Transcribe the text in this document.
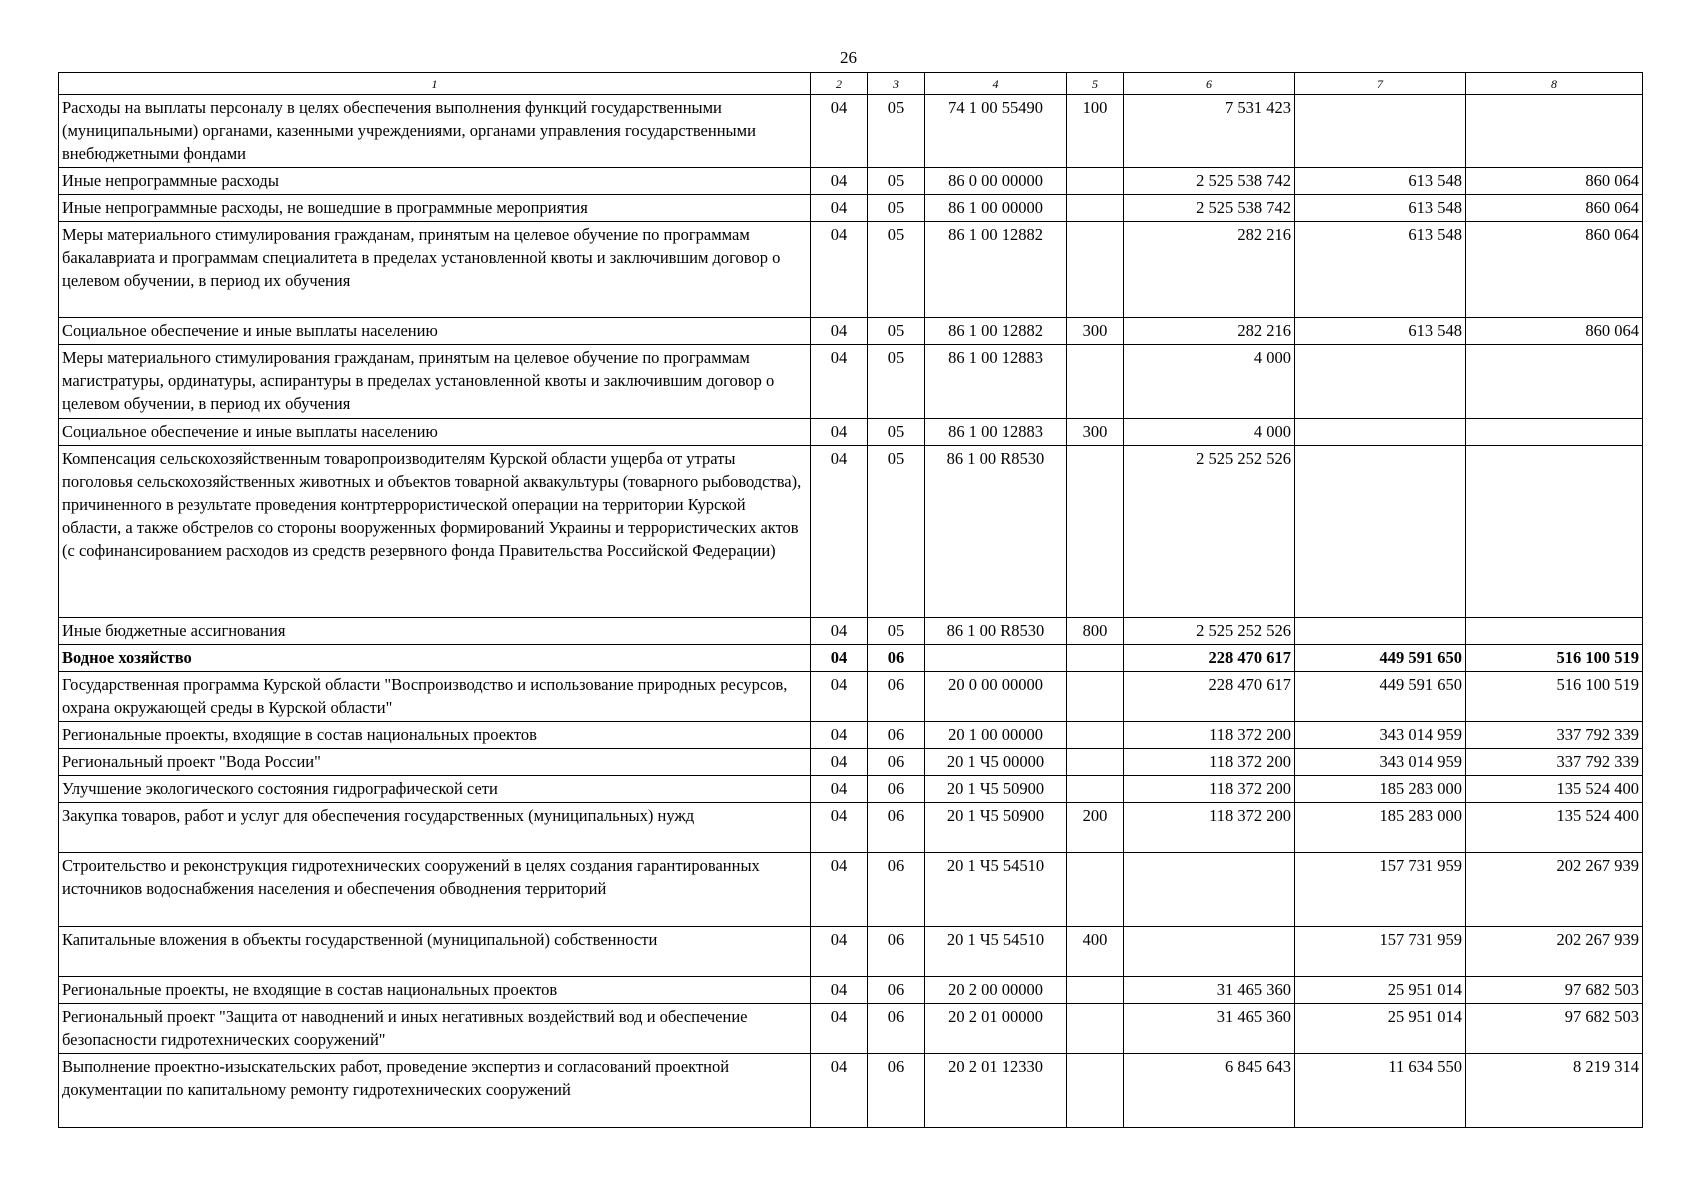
26
1	2	3	4	5	6	7	8
Расходы на выплаты персоналу в целях обеспечения выполнения функций государственными (муниципальными) органами, казенными учреждениями, органами управления государственными внебюджетными фондами	04	05	74 1 00 55490	100	7 531 423		
Иные непрограммные расходы	04	05	86 0 00 00000		2 525 538 742	613 548	860 064
Иные непрограммные расходы, не вошедшие в программные мероприятия	04	05	86 1 00 00000		2 525 538 742	613 548	860 064
Меры материального стимулирования гражданам, принятым на целевое обучение по программам бакалавриата и программам специалитета в пределах установленной квоты и заключившим договор о целевом обучении, в период их обучения	04	05	86 1 00 12882		282 216	613 548	860 064
Социальное обеспечение и иные выплаты населению	04	05	86 1 00 12882	300	282 216	613 548	860 064
Меры материального стимулирования гражданам, принятым на целевое обучение по программам магистратуры, ординатуры, аспирантуры в пределах установленной квоты и заключившим договор о целевом обучении, в период их обучения	04	05	86 1 00 12883		4 000		
Социальное обеспечение и иные выплаты населению	04	05	86 1 00 12883	300	4 000		
Компенсация сельскохозяйственным товаропроизводителям Курской области ущерба от утраты поголовья сельскохозяйственных животных и объектов товарной аквакультуры (товарного рыбоводства), причиненного в результате проведения контртеррористической операции на территории Курской области, а также обстрелов со стороны вооруженных формирований Украины и террористических актов (с софинансированием расходов из средств резервного фонда Правительства Российской Федерации)	04	05	86 1 00 R8530		2 525 252 526		
Иные бюджетные ассигнования	04	05	86 1 00 R8530	800	2 525 252 526		
Водное хозяйство	04	06			228 470 617	449 591 650	516 100 519
Государственная программа Курской области "Воспроизводство и использование природных ресурсов, охрана окружающей среды в Курской области"	04	06	20 0 00 00000		228 470 617	449 591 650	516 100 519
Региональные проекты, входящие в состав национальных проектов	04	06	20 1 00 00000		118 372 200	343 014 959	337 792 339
Региональный проект "Вода России"	04	06	20 1 Ч5 00000		118 372 200	343 014 959	337 792 339
Улучшение экологического состояния гидрографической сети	04	06	20 1 Ч5 50900		118 372 200	185 283 000	135 524 400
Закупка товаров, работ и услуг для обеспечения государственных (муниципальных) нужд	04	06	20 1 Ч5 50900	200	118 372 200	185 283 000	135 524 400
Строительство и реконструкция гидротехнических сооружений в целях создания гарантированных источников водоснабжения населения и обеспечения обводнения территорий	04	06	20 1 Ч5 54510			157 731 959	202 267 939
Капитальные вложения в объекты государственной (муниципальной) собственности	04	06	20 1 Ч5 54510	400		157 731 959	202 267 939
Региональные проекты, не входящие в состав национальных проектов	04	06	20 2 00 00000		31 465 360	25 951 014	97 682 503
Региональный проект "Защита от наводнений и иных негативных воздействий вод и обеспечение безопасности гидротехнических сооружений"	04	06	20 2 01 00000		31 465 360	25 951 014	97 682 503
Выполнение проектно-изыскательских работ, проведение экспертиз и согласований проектной документации по капитальному ремонту гидротехнических сооружений	04	06	20 2 01 12330		6 845 643	11 634 550	8 219 314
